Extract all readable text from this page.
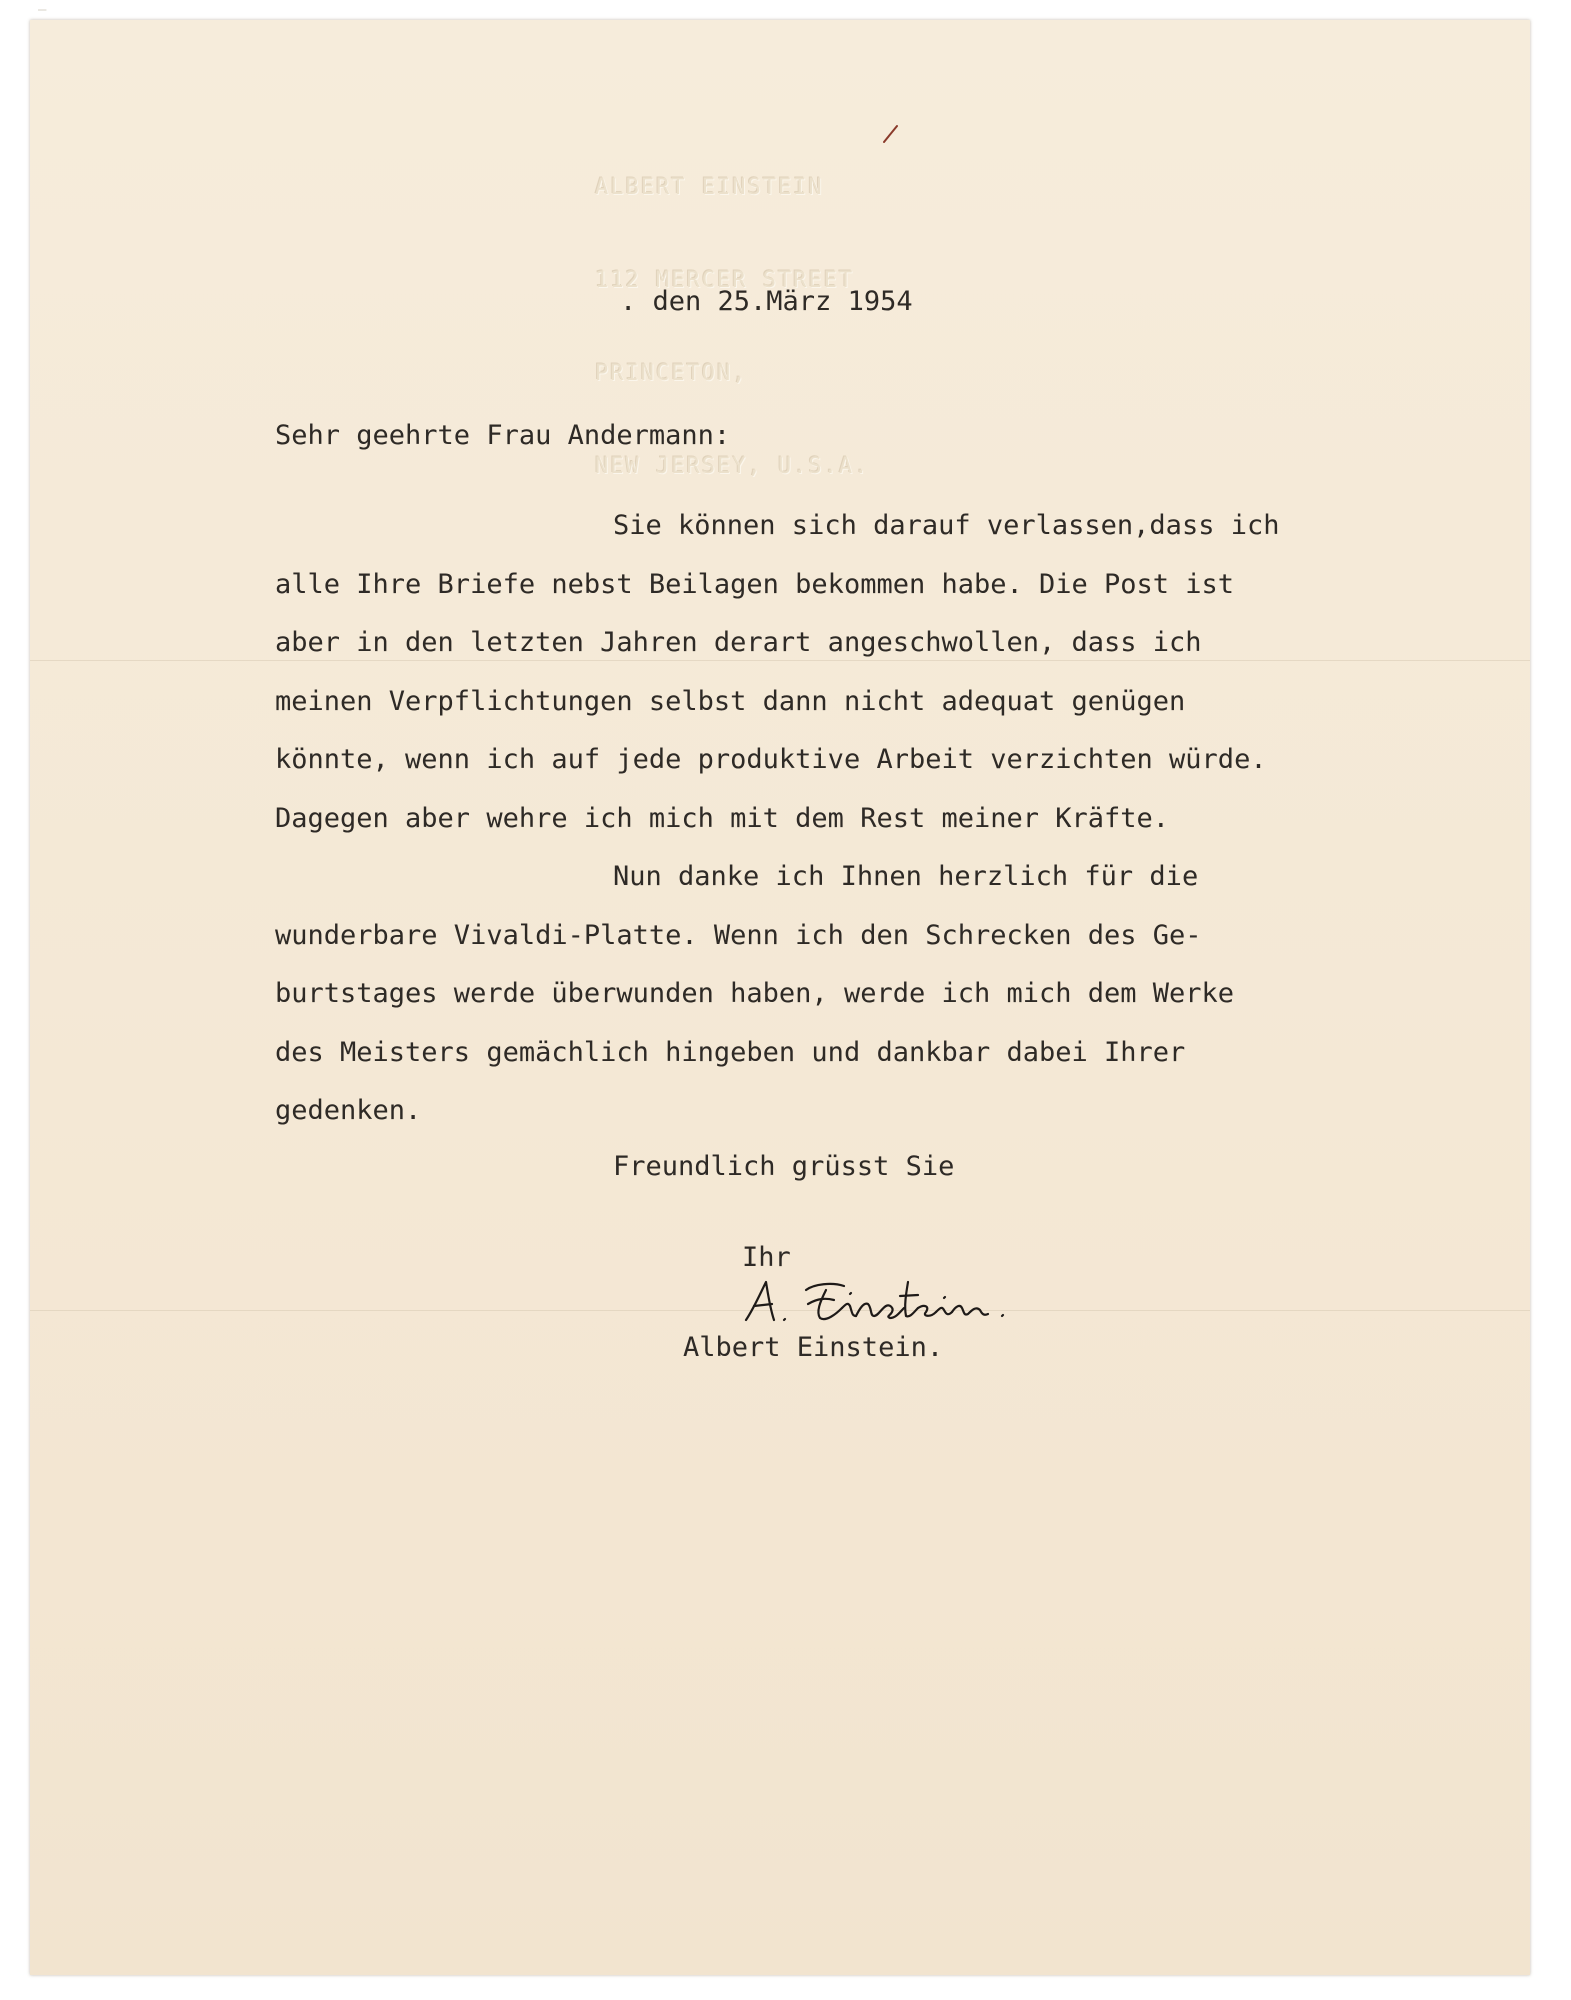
—

ALBERT EINSTEIN

112 MERCER STREET

PRINCETON,

NEW JERSEY, U.S.A.

. den 25.März 1954
Sehr geehrte Frau Andermann:
Sie können sich darauf verlassen,dass ich
alle Ihre Briefe nebst Beilagen bekommen habe. Die Post ist
aber in den letzten Jahren derart angeschwollen, dass ich
meinen Verpflichtungen selbst dann nicht adequat genügen
könnte, wenn ich auf jede produktive Arbeit verzichten würde.
Dagegen aber wehre ich mich mit dem Rest meiner Kräfte.
Nun danke ich Ihnen herzlich für die
wunderbare Vivaldi-Platte. Wenn ich den Schrecken des Ge-
burtstages werde überwunden haben, werde ich mich dem Werke
des Meisters gemächlich hingeben und dankbar dabei Ihrer
gedenken.
Freundlich grüsst Sie
Ihr
Albert Einstein.
